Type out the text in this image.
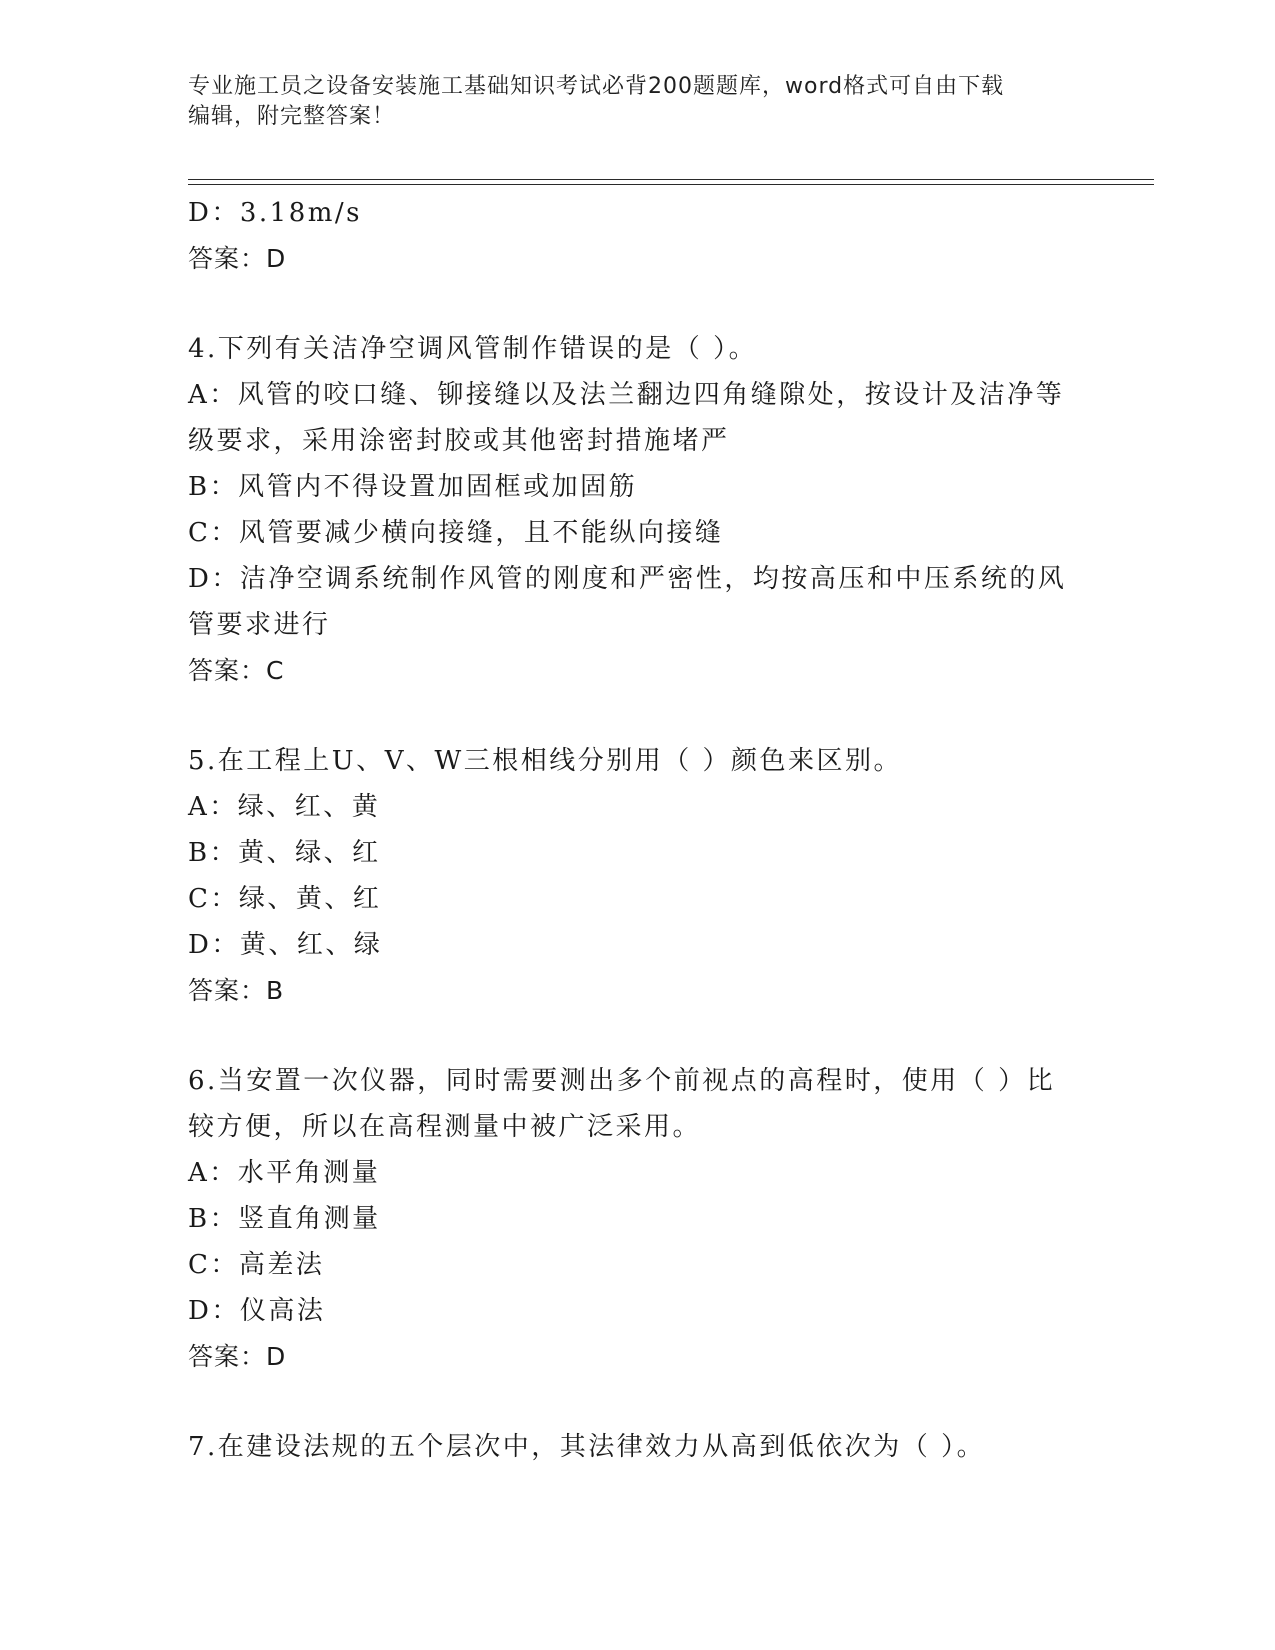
专业施工员之设备安装施工基础知识考试必背200题题库，word格式可自由下载
编辑，附完整答案！
D：3.18m/s
答案：D
4.下列有关洁净空调风管制作错误的是（ ）。
A：风管的咬口缝、铆接缝以及法兰翻边四角缝隙处，按设计及洁净等
级要求，采用涂密封胶或其他密封措施堵严
B：风管内不得设置加固框或加固筋
C：风管要减少横向接缝，且不能纵向接缝
D：洁净空调系统制作风管的刚度和严密性，均按高压和中压系统的风
管要求进行
答案：C
5.在工程上U、V、W三根相线分别用（ ）颜色来区别。
A：绿、红、黄
B：黄、绿、红
C：绿、黄、红
D：黄、红、绿
答案：B
6.当安置一次仪器，同时需要测出多个前视点的高程时，使用（ ）比
较方便，所以在高程测量中被广泛采用。
A：水平角测量
B：竖直角测量
C：高差法
D：仪高法
答案：D
7.在建设法规的五个层次中，其法律效力从高到低依次为（ ）。
